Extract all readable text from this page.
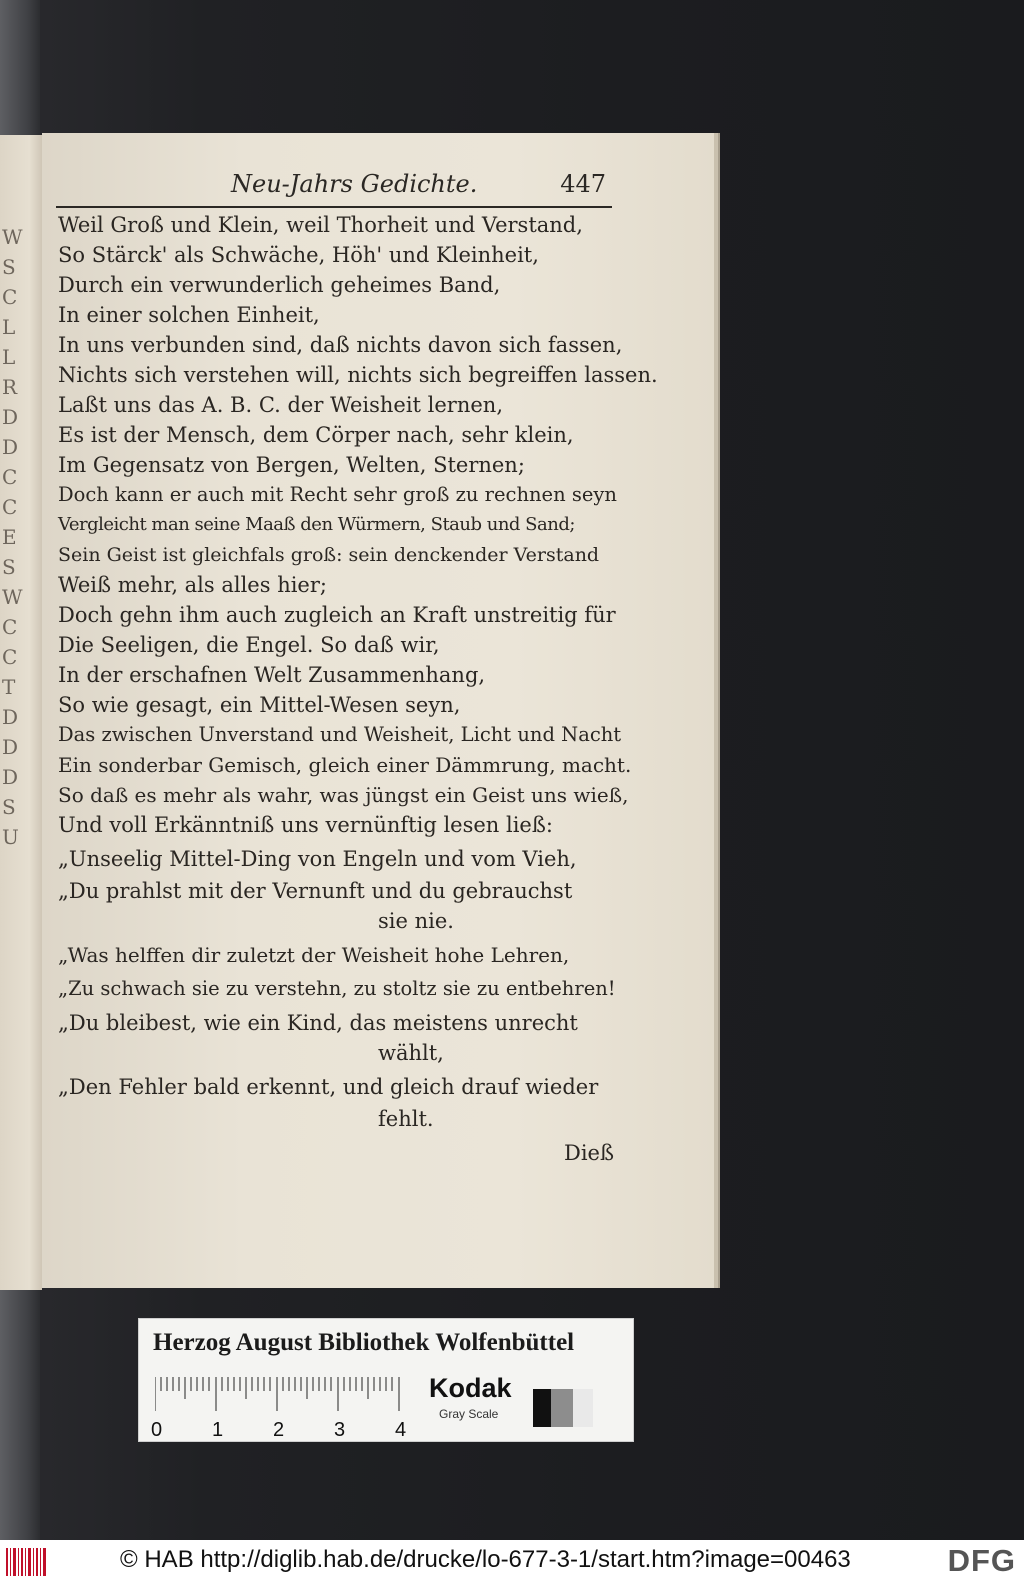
W
S
C
L
L
R
D
D
C
C
E
S
W
C
C
T
D
D
D
S
U
Neu-Jahrs Gedichte.	447
Weil Groß und Klein, weil Thorheit und Verstand,
So Stärck' als Schwäche, Höh' und Kleinheit,
Durch ein verwunderlich geheimes Band,
In einer solchen Einheit,
In uns verbunden sind, daß nichts davon sich fassen,
Nichts sich verstehen will, nichts sich begreiffen lassen.
Laßt uns das A. B. C. der Weisheit lernen,
Es ist der Mensch, dem Cörper nach, sehr klein,
Im Gegensatz von Bergen, Welten, Sternen;
Doch kann er auch mit Recht sehr groß zu rechnen seyn
Vergleicht man seine Maaß den Würmern, Staub und Sand;
Sein Geist ist gleichfals groß: sein denckender Verstand
Weiß mehr, als alles hier;
Doch gehn ihm auch zugleich an Kraft unstreitig für
Die Seeligen, die Engel. So daß wir,
In der erschafnen Welt Zusammenhang,
So wie gesagt, ein Mittel-Wesen seyn,
Das zwischen Unverstand und Weisheit, Licht und Nacht
Ein sonderbar Gemisch, gleich einer Dämmrung, macht.
So daß es mehr als wahr, was jüngst ein Geist uns wieß,
Und voll Erkänntniß uns vernünftig lesen ließ:
„Unseelig Mittel-Ding von Engeln und vom Vieh,
„Du prahlst mit der Vernunft und du gebrauchst
sie nie.
„Was helffen dir zuletzt der Weisheit hohe Lehren,
„Zu schwach sie zu verstehn, zu stoltz sie zu entbehren!
„Du bleibest, wie ein Kind, das meistens unrecht
wählt,
„Den Fehler bald erkennt, und gleich drauf wieder
fehlt.
Dieß
Herzog August Bibliothek Wolfenbüttel
0 1 2 3 4
Kodak
Gray Scale
© HAB http://diglib.hab.de/drucke/lo-677-3-1/start.htm?image=00463	DFG
